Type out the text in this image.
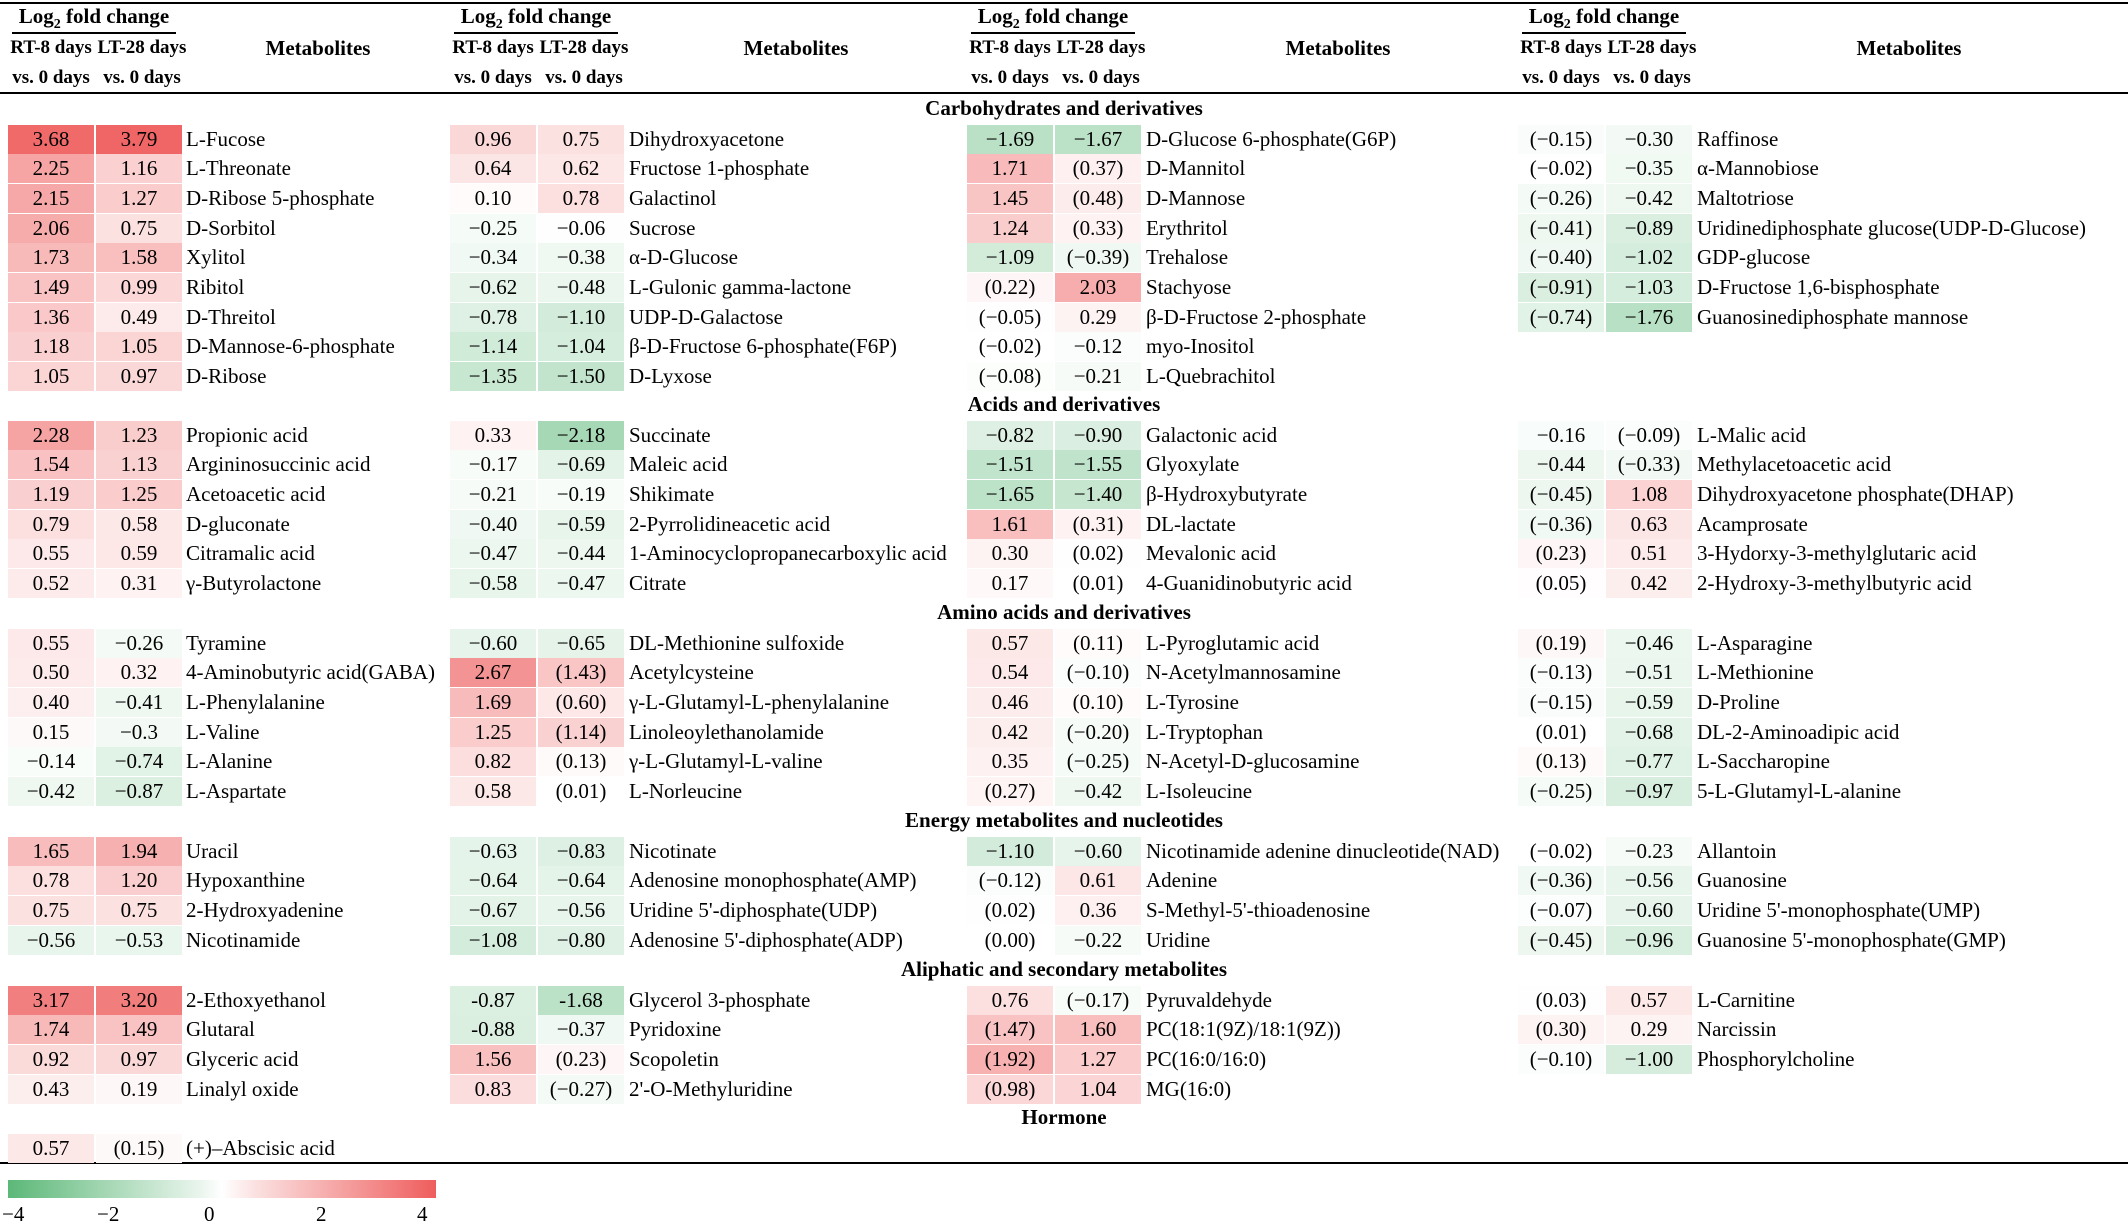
Log$_2$ fold change
RT-8 days
vs. 0 days
LT-28 days
vs. 0 days
Metabolites
Log$_2$ fold change
RT-8 days
vs. 0 days
LT-28 days
vs. 0 days
Metabolites
Log$_2$ fold change
RT-8 days
vs. 0 days
LT-28 days
vs. 0 days
Metabolites
Log$_2$ fold change
RT-8 days
vs. 0 days
LT-28 days
vs. 0 days
Metabolites
Carbohydrates and derivatives
3.68	3.79	L-Fucose
2.25	1.16	L-Threonate
2.15	1.27	D-Ribose 5-phosphate
2.06	0.75	D-Sorbitol
1.73	1.58	Xylitol
1.49	0.99	Ribitol
1.36	0.49	D-Threitol
1.18	1.05	D-Mannose-6-phosphate
1.05	0.97	D-Ribose
0.96	0.75	Dihydroxyacetone
0.64	0.62	Fructose 1-phosphate
0.10	0.78	Galactinol
−0.25	−0.06	Sucrose
−0.34	−0.38	α-D-Glucose
−0.62	−0.48	L-Gulonic gamma-lactone
−0.78	−1.10	UDP-D-Galactose
−1.14	−1.04	β-D-Fructose 6-phosphate(F6P)
−1.35	−1.50	D-Lyxose
−1.69	−1.67	D-Glucose 6-phosphate(G6P)
1.71	(0.37)	D-Mannitol
1.45	(0.48)	D-Mannose
1.24	(0.33)	Erythritol
−1.09	(−0.39) Trehalose
(0.22)	2.03	Stachyose
(−0.05)	0.29	β-D-Fructose 2-phosphate
(−0.02)	−0.12	myo-Inositol
(−0.08)	−0.21	L-Quebrachitol
(−0.15)	−0.30	Raffinose
(−0.02)	−0.35	α-Mannobiose
(−0.26)	−0.42	Maltotriose
(−0.41)	−0.89	Uridinediphosphate glucose(UDP-D-Glucose)
(−0.40)	−1.02	GDP-glucose
(−0.91)	−1.03	D-Fructose 1,6-bisphosphate
(−0.74)	−1.76	Guanosinediphosphate mannose
Acids and derivatives
2.28	1.23	Propionic acid
1.54	1.13	Argininosuccinic acid
1.19	1.25	Acetoacetic acid
0.79	0.58	D-gluconate
0.55	0.59	Citramalic acid
0.52	0.31	γ-Butyrolactone
0.33	−2.18	Succinate
−0.17	−0.69	Maleic acid
−0.21	−0.19	Shikimate
−0.40	−0.59	2-Pyrrolidineacetic acid
−0.47	−0.44	1-Aminocyclopropanecarboxylic acid
−0.58	−0.47	Citrate
−0.82	−0.90	Galactonic acid
−1.51	−1.55	Glyoxylate
−1.65	−1.40	β-Hydroxybutyrate
1.61	(0.31)	DL-lactate
0.30	(0.02)	Mevalonic acid
0.17	(0.01)	4-Guanidinobutyric acid
−0.16	(−0.09) L-Malic acid
−0.44	(−0.33) Methylacetoacetic acid
(−0.45)	1.08	Dihydroxyacetone phosphate(DHAP)
(−0.36)	0.63	Acamprosate
(0.23)	0.51	3-Hydorxy-3-methylglutaric acid
(0.05)	0.42	2-Hydroxy-3-methylbutyric acid
Amino acids and derivatives
0.55	−0.26	Tyramine
0.50	0.32	4-Aminobutyric acid(GABA)
0.40	−0.41	L-Phenylalanine
0.15	−0.3	L-Valine
−0.14	−0.74	L-Alanine
−0.42	−0.87	L-Aspartate
−0.60	−0.65	DL-Methionine sulfoxide
2.67	(1.43)	Acetylcysteine
1.69	(0.60)	γ-L-Glutamyl-L-phenylalanine
1.25	(1.14)	Linoleoylethanolamide
0.82	(0.13)	γ-L-Glutamyl-L-valine
0.58	(0.01)	L-Norleucine
0.57	(0.11)	L-Pyroglutamic acid
0.54	(−0.10) N-Acetylmannosamine
0.46	(0.10)	L-Tyrosine
0.42	(−0.20) L-Tryptophan
0.35	(−0.25) N-Acetyl-D-glucosamine
(0.27)	−0.42	L-Isoleucine
(0.19)	−0.46	L-Asparagine
(−0.13)	−0.51	L-Methionine
(−0.15)	−0.59	D-Proline
(0.01)	−0.68	DL-2-Aminoadipic acid
(0.13)	−0.77	L-Saccharopine
(−0.25)	−0.97	5-L-Glutamyl-L-alanine
Energy metabolites and nucleotides
1.65	1.94	Uracil
0.78	1.20	Hypoxanthine
0.75	0.75	2-Hydroxyadenine
−0.56	−0.53	Nicotinamide
−0.63	−0.83	Nicotinate
−0.64	−0.64	Adenosine monophosphate(AMP)
−0.67	−0.56	Uridine 5'-diphosphate(UDP)
−1.08	−0.80	Adenosine 5'-diphosphate(ADP)
−1.10	−0.60	Nicotinamide adenine dinucleotide(NAD)
(−0.12)	0.61	Adenine
(0.02)	0.36	S-Methyl-5'-thioadenosine
(0.00)	−0.22	Uridine
(−0.02)	−0.23	Allantoin
(−0.36)	−0.56	Guanosine
(−0.07)	−0.60	Uridine 5'-monophosphate(UMP)
(−0.45)	−0.96	Guanosine 5'-monophosphate(GMP)
Aliphatic and secondary metabolites
3.17	3.20	2-Ethoxyethanol
1.74	1.49	Glutaral
0.92	0.97	Glyceric acid
0.43	0.19	Linalyl oxide
-0.87	-1.68	Glycerol 3-phosphate
-0.88	−0.37	Pyridoxine
1.56	(0.23)	Scopoletin
0.83	(−0.27) 2'-O-Methyluridine
0.76	(−0.17) Pyruvaldehyde
(1.47)	1.60	PC(18:1(9Z)/18:1(9Z))
(1.92)	1.27	PC(16:0/16:0)
(0.98)	1.04	MG(16:0)
(0.03)	0.57	L-Carnitine
(0.30)	0.29	Narcissin
(−0.10)	−1.00	Phosphorylcholine
Hormone
0.57	(0.15)	(+)–Abscisic acid
−4	−2	0	2	4
